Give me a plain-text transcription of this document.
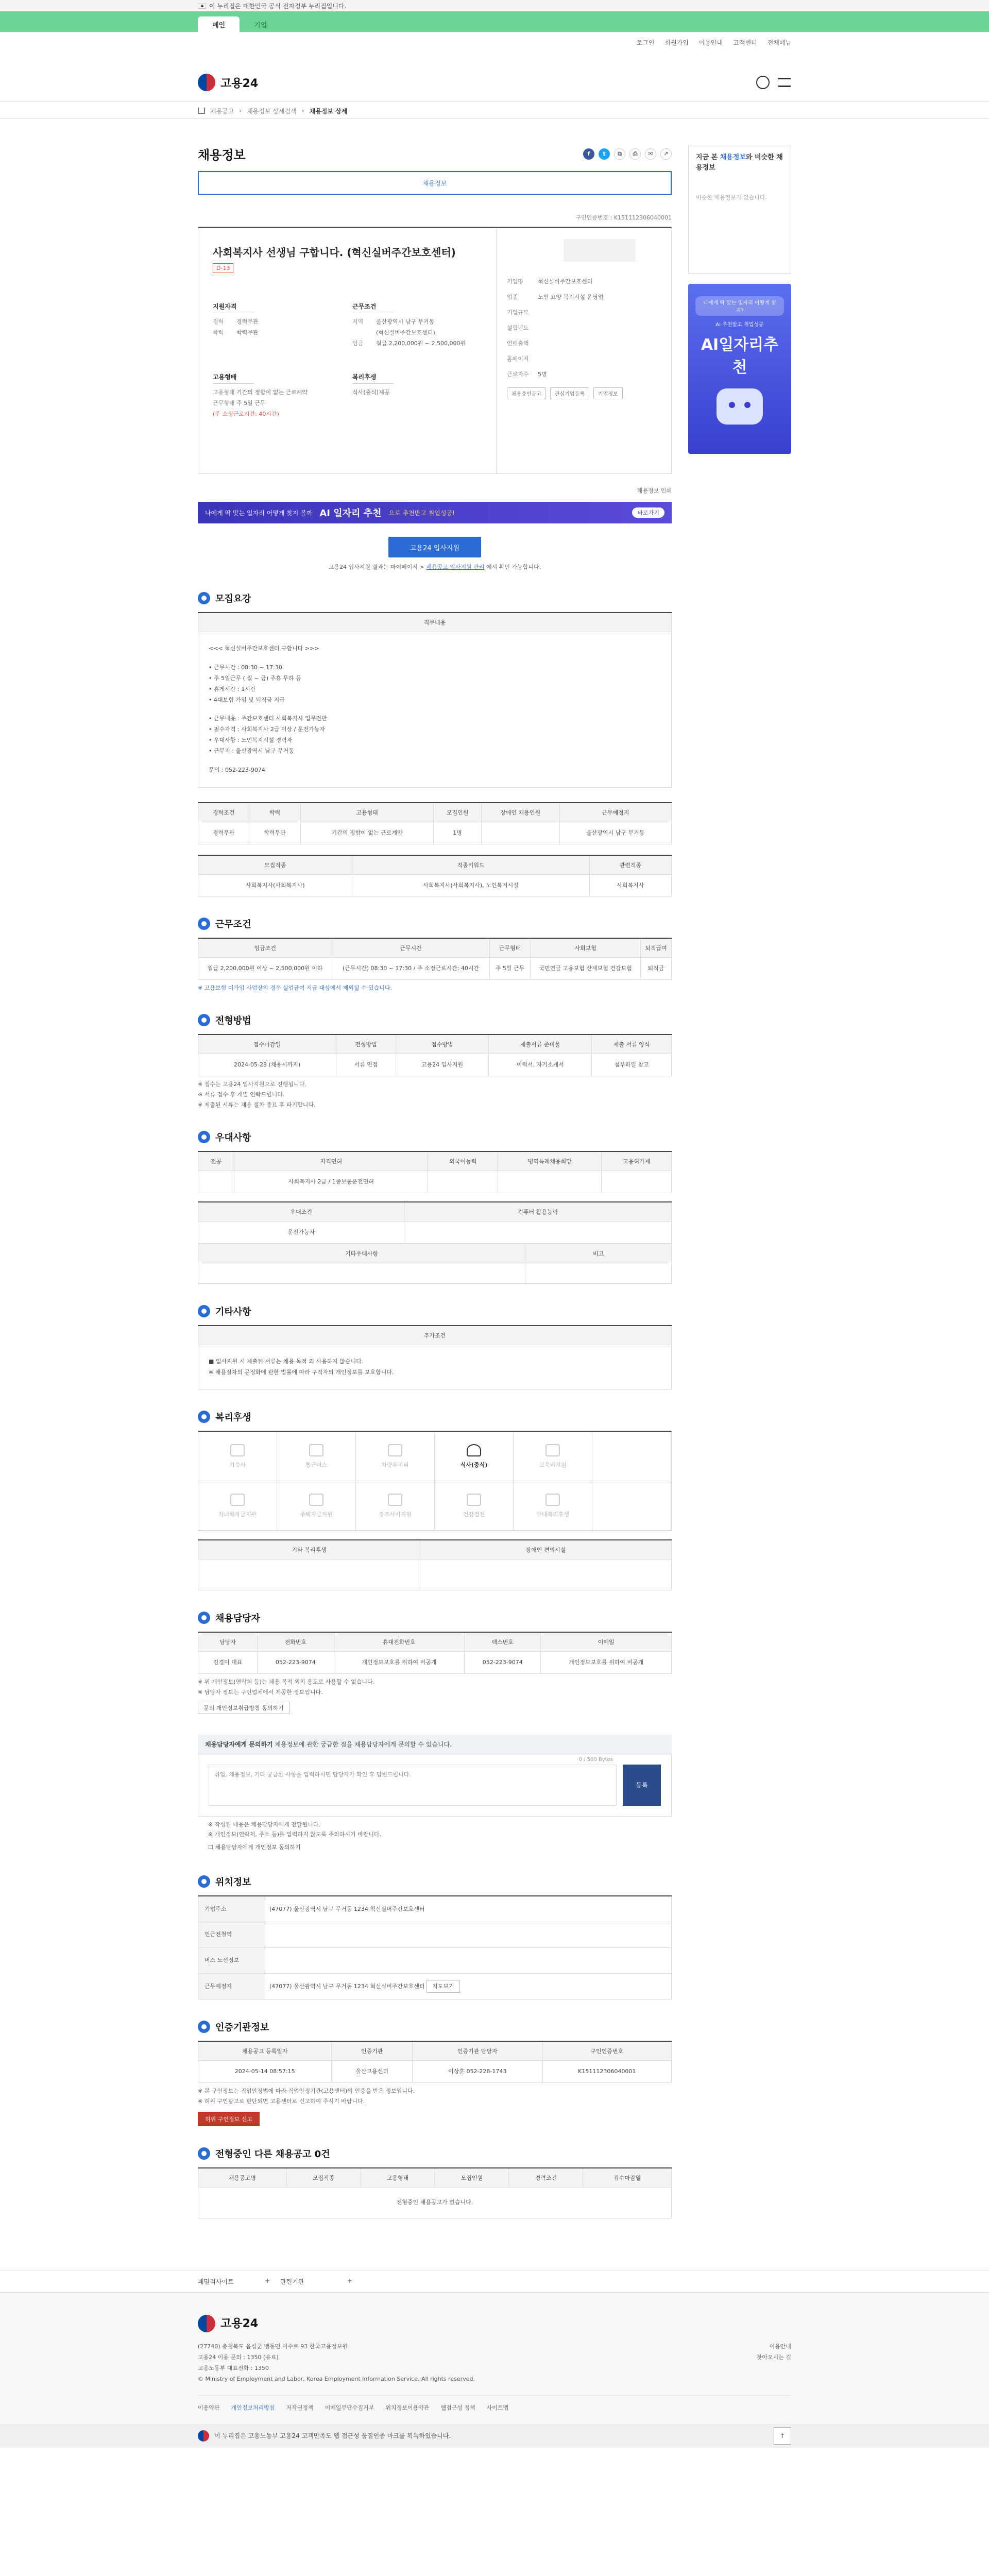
이 누리집은 대한민국 공식 전자정부 누리집입니다.
메인	기업
로그인 회원가입 이용안내 고객센터 전체메뉴
고용24
채용공고 › 채용정보 상세검색 › 채용정보 상세
채용정보	f	t	⧉	⎙	✉	↗
채용정보
구인인증번호 : K151112306040001
사회복지사 선생님 구합니다. (혁신실버주간보호센터)
D-13
지원자격
경력	경력무관
학력	학력무관
근무조건
지역	울산광역시 남구 무거동
(혁신실버주간보호센터)
임금	월급 2,200,000원 ~ 2,500,000원
고용형태
고용형태 기간의 정함이 없는 근로계약
근무형태 주 5일 근무
(주 소정근로시간: 40시간)
복리후생
식사(중식)제공
기업명	혁신실버주간보호센터
업종	노인 요양 복지시설 운영업
기업규모
설립년도
연매출액
홈페이지
근로자수	5명
채용중인공고	관심기업등록	기업정보
채용정보 인쇄
나에게 딱 맞는 일자리 어떻게 찾지 볼까 AI 일자리 추천 으로 추천받고 취업성공!	바로가기
고용24 입사지원
고용24 입사지원 결과는 마이페이지 > 채용공고 입사지원 관리 에서 확인 가능합니다.
모집요강
직무내용

<<< 혁신실버주간보호센터 구합니다 >>>

• 근무시간 : 08:30 ~ 17:30

• 주 5일근무 ( 월 ~ 금) 주휴 무하 등

• 휴게시간 : 1시간

• 4대보험 가입 및 퇴직금 지급

• 근무내용 : 주간보호센터 사회복지사 업무전반

• 필수자격 : 사회복지사 2급 이상 / 운전가능자

• 우대사항 : 노인복지시설 경력자

• 근무지 : 울산광역시 남구 무거동

문의 : 052-223-9074

경력조건	학력	고용형태	모집인원	장애인 채용인원	근무예정지
경력무관	학력무관	기간의 정함이 없는 근로계약	1명		울산광역시 남구 무거동
모집직종	직종키워드	관련직종
사회복지사(사회복지사)	사회복지사(사회복지사), 노인복지시설	사회복지사
근무조건
임금조건	근무시간	근무형태	사회보험	퇴직급여
월급 2,200,000원 이상 ~ 2,500,000원 이하	(근무시간) 08:30 ~ 17:30 / 주 소정근로시간: 40시간	주 5일 근무	국민연금 고용보험 산재보험 건강보험	퇴직금
※ 고용보험 미가입 사업장의 경우 실업급여 지급 대상에서 제외될 수 있습니다.
전형방법
접수마감일	전형방법	접수방법	제출서류 준비물	제출 서류 양식
2024-05-28 (채용시까지)	서류 면접	고용24 입사지원	이력서, 자기소개서	첨부파일 참고

※ 접수는 고용24 입사지원으로 진행됩니다.

※ 서류 접수 후 개별 연락드립니다.

※ 제출된 서류는 채용 절차 종료 후 파기합니다.

우대사항
전공	자격면허	외국어능력	병역특례채용희망	고용허가제
	사회복지사 2급 / 1종보통운전면허			
우대조건	컴퓨터 활용능력
운전가능자	
기타우대사항	비고

기타사항
추가조건

■ 입사지원 시 제출된 서류는 채용 목적 외 사용하지 않습니다.

※ 채용절차의 공정화에 관한 법률에 따라 구직자의 개인정보를 보호합니다.

복리후생
기숙사	통근버스	차량유지비	식사(중식)	교육비지원
자녀학자금지원	주택자금지원	경조사비지원	건강검진	부대복리후생
기타 복리후생	장애인 편의시설

채용담당자
담당자	전화번호	휴대전화번호	팩스번호	이메일
김경미 대표	052-223-9074	개인정보보호를 위하여 비공개	052-223-9074	개인정보보호를 위하여 비공개

※ 위 개인정보(연락처 등)는 채용 목적 외의 용도로 사용할 수 없습니다.

※ 담당자 정보는 구인업체에서 제공한 정보입니다.

문의 개인정보취급방침 동의하기
채용담당자에게 문의하기 채용정보에 관한 궁금한 점을 채용담당자에게 문의할 수 있습니다.
0 / 500 Bytes
취업, 채용정보, 기타 궁금한 사항을 입력하시면 담당자가 확인 후 답변드립니다.
등록

※ 작성된 내용은 채용담당자에게 전달됩니다.

※ 개인정보(연락처, 주소 등)를 입력하지 않도록 주의하시기 바랍니다.

☐ 채용담당자에게 개인정보 동의하기
위치정보
기업주소	(47077) 울산광역시 남구 무거동 1234 혁신실버주간보호센터
인근전철역	
버스 노선정보	
근무예정지	(47077) 울산광역시 남구 무거동 1234 혁신실버주간보호센터 지도보기
인증기관정보
채용공고 등록일자	인증기관	인증기관 담당자	구인인증번호
2024-05-14 08:57:15	울산고용센터	이상훈 052-228-1743	K151112306040001

※ 본 구인정보는 직업안정법에 따라 직업안정기관(고용센터)의 인증을 받은 정보입니다.

※ 허위 구인광고로 판단되면 고용센터로 신고하여 주시기 바랍니다.

허위 구인정보 신고
전형중인 다른 채용공고 0건
채용공고명	모집직종	고용형태	모집인원	경력조건	접수마감일
전형중인 채용공고가 없습니다.
지금 본 채용정보와 비슷한 채용정보

비슷한 채용정보가 없습니다.

나에게 딱 맞는 일자리 어떻게 찾지?
AI 추천받고 취업성공
AI일자리추천
패밀리사이트	+ 관련기관	+
고용24
(27740) 충청북도 음성군 맹동면 이수로 93 한국고용정보원
고용24 이용 문의 : 1350 (유료)
고용노동부 대표전화 : 1350
© Ministry of Employment and Labor, Korea Employment Information Service. All rights reserved.
이용안내
찾아오시는 길
이용약관 개인정보처리방침 저작권정책 이메일무단수집거부 위치정보이용약관 웹접근성 정책 사이트맵
이 누리집은 고용노동부 고용24 고객만족도 웹 접근성 품질인증 마크를 획득하였습니다.	↑
